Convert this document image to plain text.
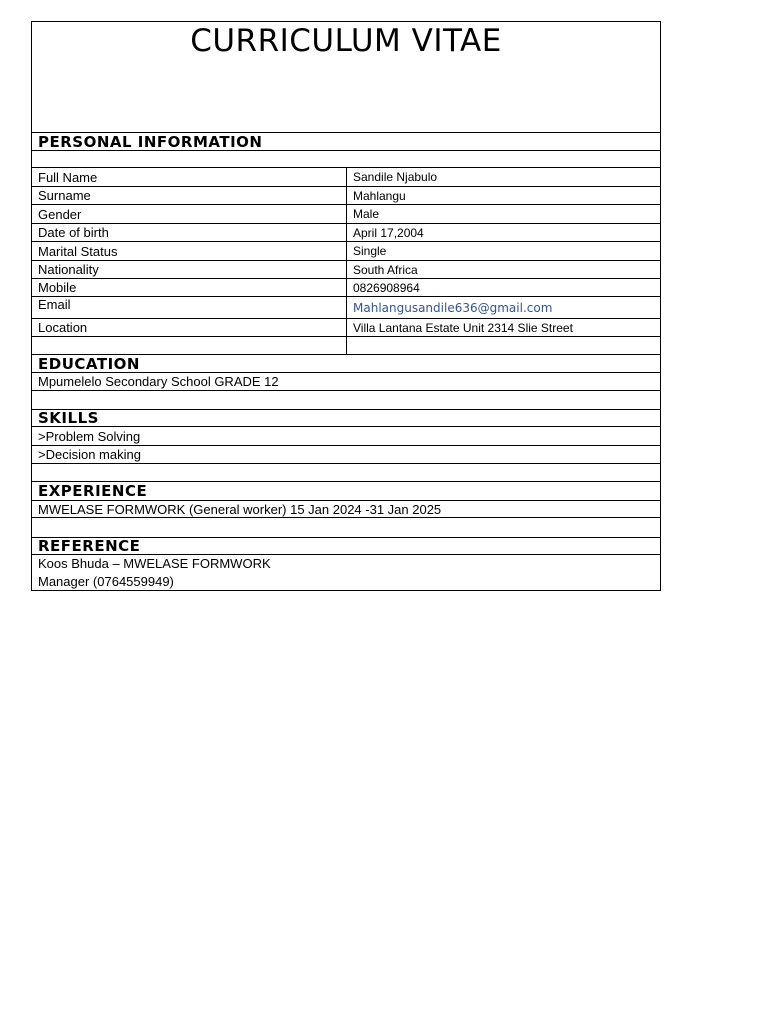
CURRICULUM VITAE
PERSONAL INFORMATION
Full Name	Sandile Njabulo
Surname	Mahlangu
Gender	Male
Date of birth	April 17,2004
Marital Status	Single
Nationality	South Africa
Mobile	0826908964
Email	Mahlangusandile636@gmail.com
Location	Villa Lantana Estate Unit 2314 Slie Street
EDUCATION
Mpumelelo Secondary School GRADE 12
SKILLS
>Problem Solving
>Decision making
EXPERIENCE
MWELASE FORMWORK (General worker) 15 Jan 2024 -31 Jan 2025
REFERENCE
Koos Bhuda – MWELASE FORMWORK
Manager (0764559949)
